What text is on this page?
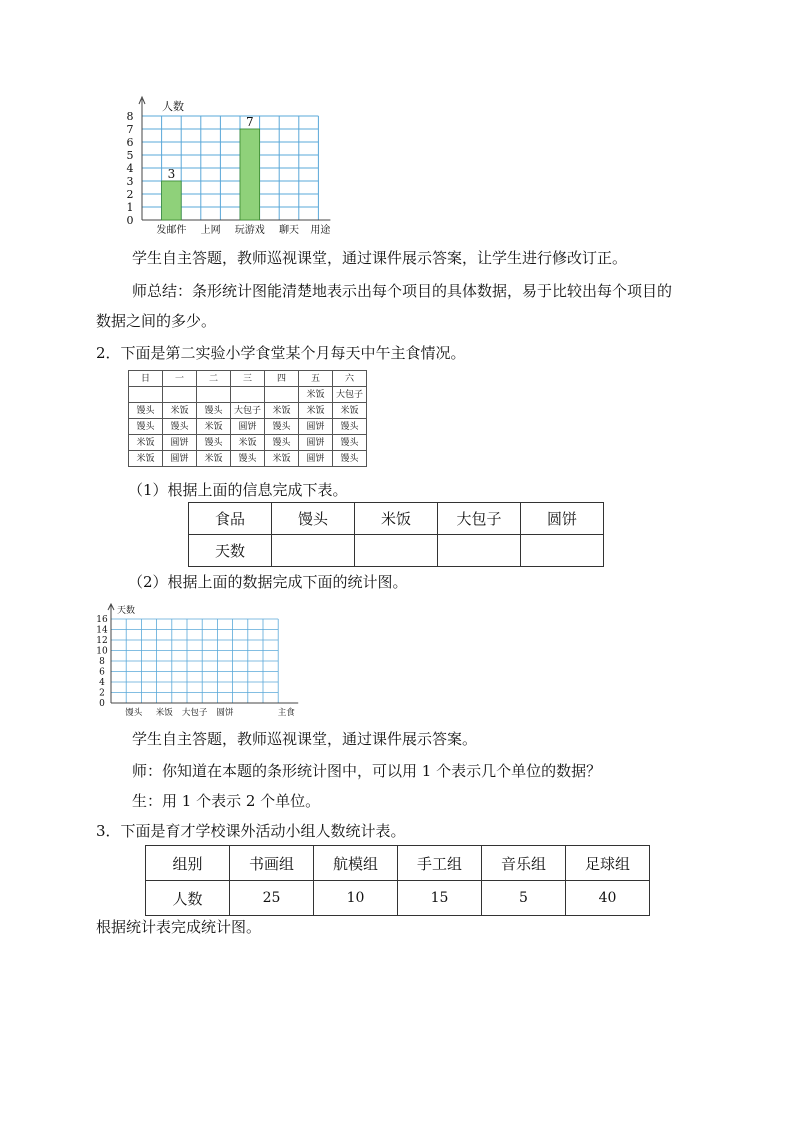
0
1
2
3
4
5
6
7
8
人数
3
7
发邮件 上网 玩游戏 聊天 用途
学生自主答题，教师巡视课堂，通过课件展示答案，让学生进行修改订正。
师总结：条形统计图能清楚地表示出每个项目的具体数据，易于比较出每个项目的
数据之间的多少。
2．下面是第二实验小学食堂某个月每天中午主食情况。
日	一	二	三	四	五	六
					米饭	大包子
馒头	米饭	馒头	大包子	米饭	米饭	米饭
馒头	馒头	米饭	圆饼	馒头	圆饼	馒头
米饭	圆饼	馒头	米饭	馒头	圆饼	馒头
米饭	圆饼	米饭	馒头	米饭	圆饼	馒头
（1）根据上面的信息完成下表。
食品	馒头	米饭	大包子	圆饼
天数				
（2）根据上面的数据完成下面的统计图。
0
2
4
6
8
10
12
14
16
天数
馒头 米饭 大包子 圆饼	主食
学生自主答题，教师巡视课堂，通过课件展示答案。
师：你知道在本题的条形统计图中，可以用 1 个表示几个单位的数据？
生：用 1 个表示 2 个单位。
3．下面是育才学校课外活动小组人数统计表。
组别	书画组	航模组	手工组	音乐组	足球组
人数	25	10	15	5	40
根据统计表完成统计图。
